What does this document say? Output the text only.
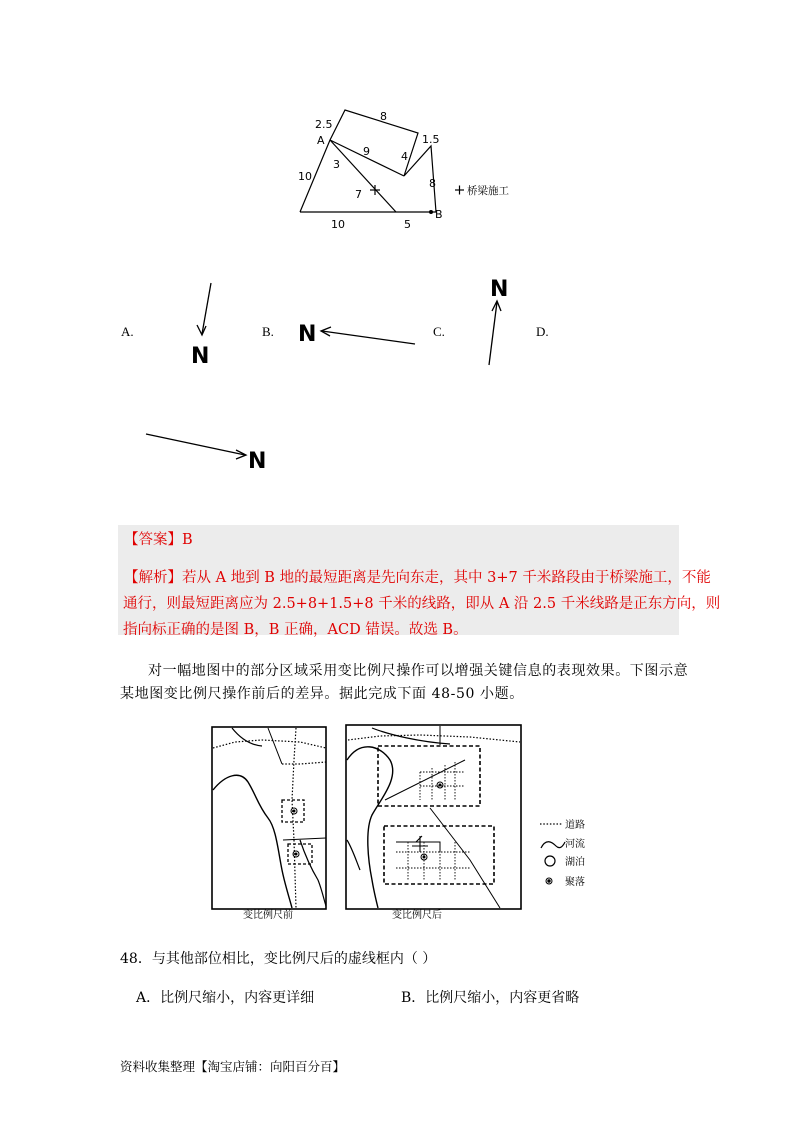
2.5
A
8
1.5
9	4
3
10
7
8
B
10	5
桥梁施工
A.	B.	C.	D.
N
N
N
N
【答案】B
【解析】若从 A 地到 B 地的最短距离是先向东走，其中 3+7 千米路段由于桥梁施工，不能
通行，则最短距离应为 2.5+8+1.5+8 千米的线路，即从 A 沿 2.5 千米线路是正东方向，则
指向标正确的是图 B，B 正确，ACD 错误。故选 B。
对一幅地图中的部分区域采用变比例尺操作可以增强关键信息的表现效果。下图示意
某地图变比例尺操作前后的差异。据此完成下面 48-50 小题。
变比例尺前	变比例尺后
道路
河流
湖泊
聚落
48．与其他部位相比，变比例尺后的虚线框内（ ）
A．比例尺缩小，内容更详细	B．比例尺缩小，内容更省略
资料收集整理【淘宝店铺：向阳百分百】
